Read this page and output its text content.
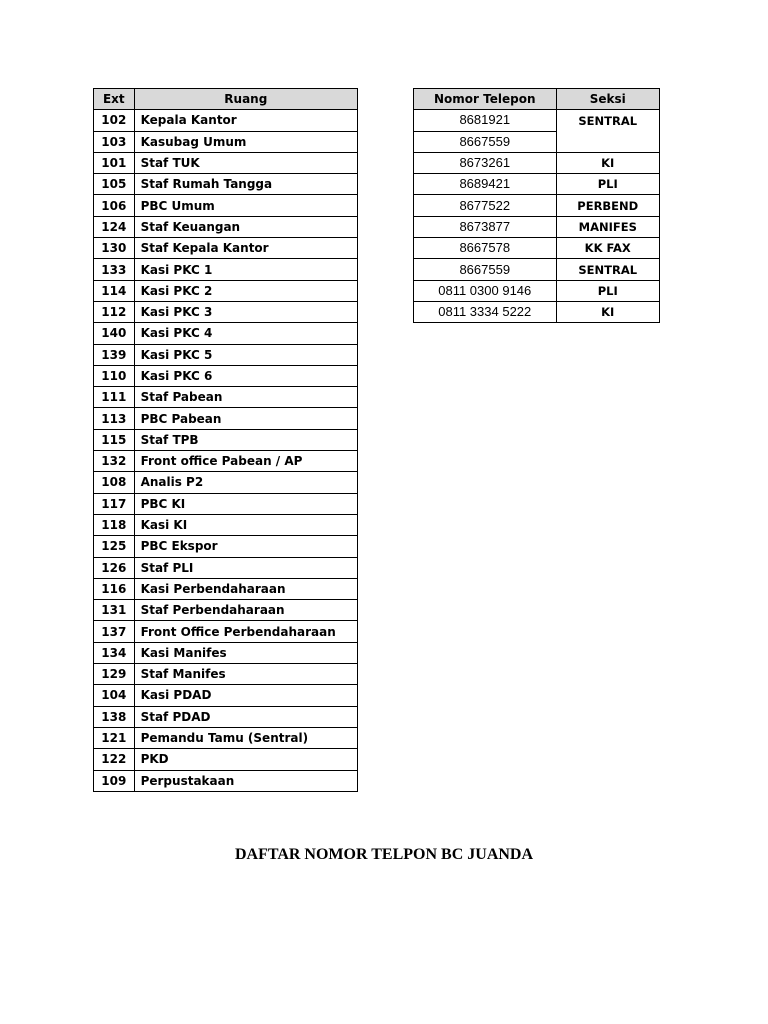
Ext	Ruang
102	Kepala Kantor
103	Kasubag Umum
101	Staf TUK
105	Staf Rumah Tangga
106	PBC Umum
124	Staf Keuangan
130	Staf Kepala Kantor
133	Kasi PKC 1
114	Kasi PKC 2
112	Kasi PKC 3
140	Kasi PKC 4
139	Kasi PKC 5
110	Kasi PKC 6
111	Staf Pabean
113	PBC Pabean
115	Staf TPB
132	Front office Pabean / AP
108	Analis P2
117	PBC KI
118	Kasi KI
125	PBC Ekspor
126	Staf PLI
116	Kasi Perbendaharaan
131	Staf Perbendaharaan
137	Front Office Perbendaharaan
134	Kasi Manifes
129	Staf Manifes
104	Kasi PDAD
138	Staf PDAD
121	Pemandu Tamu (Sentral)
122	PKD
109	Perpustakaan
Nomor Telepon	Seksi
8681921	SENTRAL
8667559	
8673261	KI
8689421	PLI
8677522	PERBEND
8673877	MANIFES
8667578	KK FAX
8667559	SENTRAL
0811 0300 9146	PLI
0811 3334 5222	KI
DAFTAR NOMOR TELPON BC JUANDA
